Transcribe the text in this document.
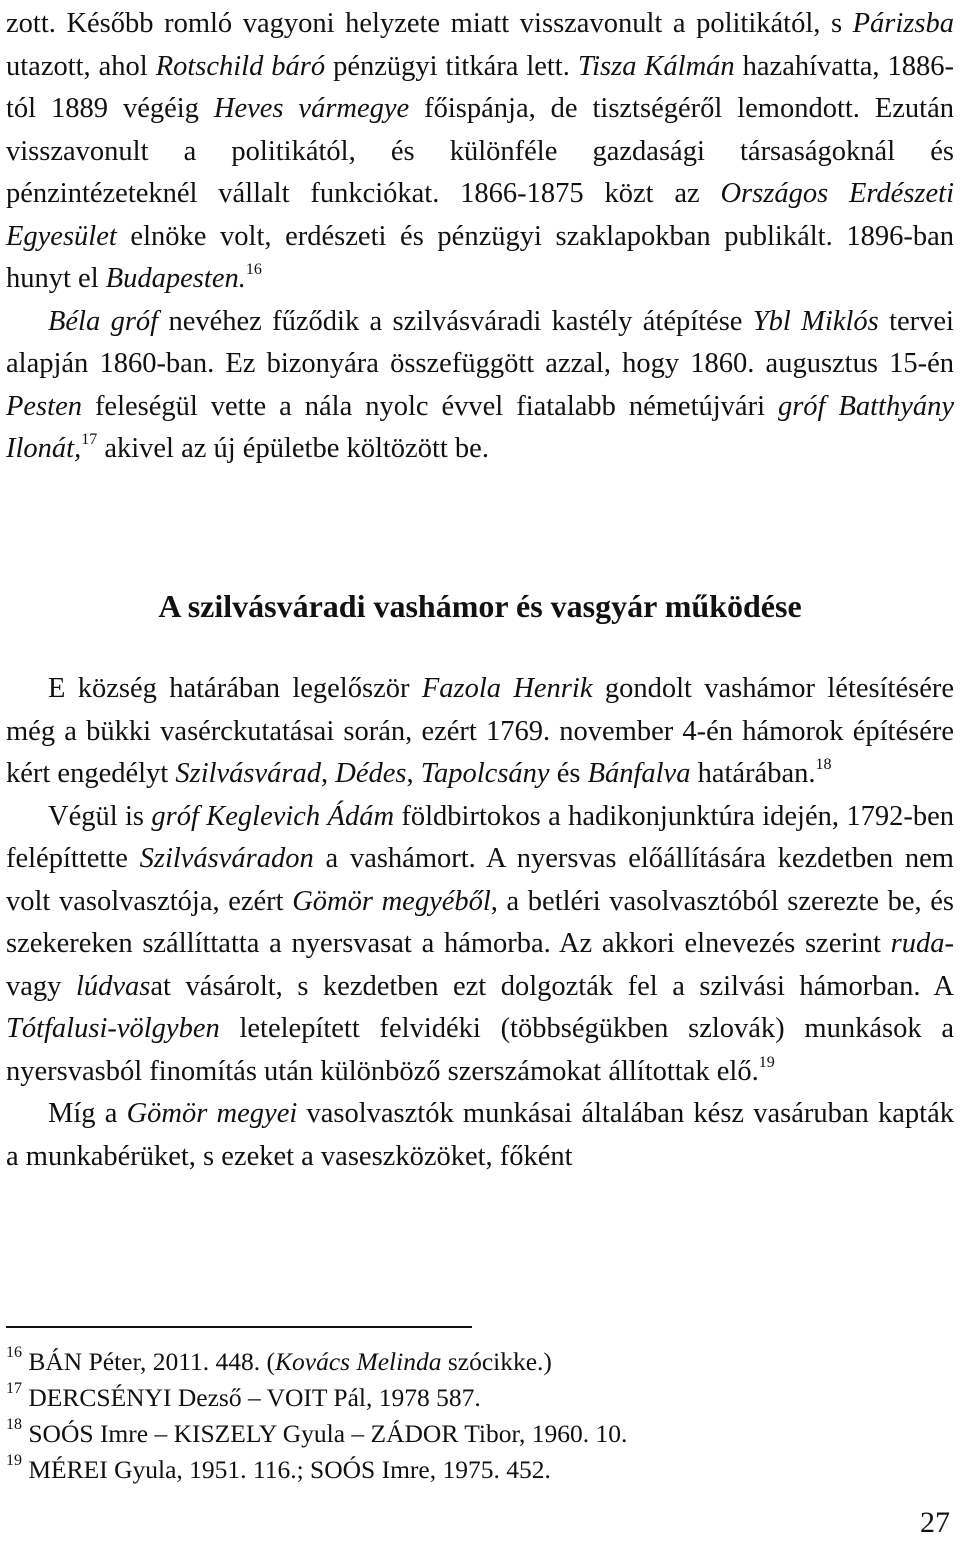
zott. Később romló vagyoni helyzete miatt visszavonult a politikától, s Párizsba utazott, ahol Rotschild báró pénzügyi titkára lett. Tisza Kálmán hazahívatta, 1886-tól 1889 végéig Heves vármegye főispánja, de tisztségéről lemondott. Ezután visszavonult a politikától, és különféle gazdasági társaságoknál és pénzintézeteknél vállalt funkciókat. 1866-1875 közt az Országos Erdészeti Egyesület elnöke volt, erdészeti és pénzügyi szaklapokban publikált. 1896-ban hunyt el Budapesten.$^{16}$

Béla gróf nevéhez fűződik a szilvásváradi kastély átépítése Ybl Miklós tervei alapján 1860-ban. Ez bizonyára összefüggött azzal, hogy 1860. augusztus 15-én Pesten feleségül vette a nála nyolc évvel fiatalabb németújvári gróf Batthyány Ilonát,$^{17}$ akivel az új épületbe költözött be.

A szilvásváradi vashámor és vasgyár működése

E község határában legelőször Fazola Henrik gondolt vashámor létesítésére még a bükki vasérckutatásai során, ezért 1769. november 4-én hámorok építésére kért engedélyt Szilvásvárad, Dédes, Tapolcsány és Bánfalva határában.$^{18}$

Végül is gróf Keglevich Ádám földbirtokos a hadikonjunktúra idején, 1792-ben felépíttette Szilvásváradon a vashámort. A nyersvas előállítására kezdetben nem volt vasolvasztója, ezért Gömör megyéből, a betléri vasolvasztóból szerezte be, és szekereken szállíttatta a nyersvasat a hámorba. Az akkori elnevezés szerint ruda- vagy lúdvasat vásárolt, s kezdetben ezt dolgozták fel a szilvási hámorban. A Tótfalusi-völgyben letelepített felvidéki (többségükben szlovák) munkások a nyersvasból finomítás után különböző szerszámokat állítottak elő.$^{19}$

Míg a Gömör megyei vasolvasztók munkásai általában kész vasáruban kapták a munkabérüket, s ezeket a vaseszközöket, főként

$^{16}$ BÁN Péter, 2011. 448. (Kovács Melinda szócikke.)

$^{17}$ DERCSÉNYI Dezső – VOIT Pál, 1978 587.

$^{18}$ SOÓS Imre – KISZELY Gyula – ZÁDOR Tibor, 1960. 10.

$^{19}$ MÉREI Gyula, 1951. 116.; SOÓS Imre, 1975. 452.

27
